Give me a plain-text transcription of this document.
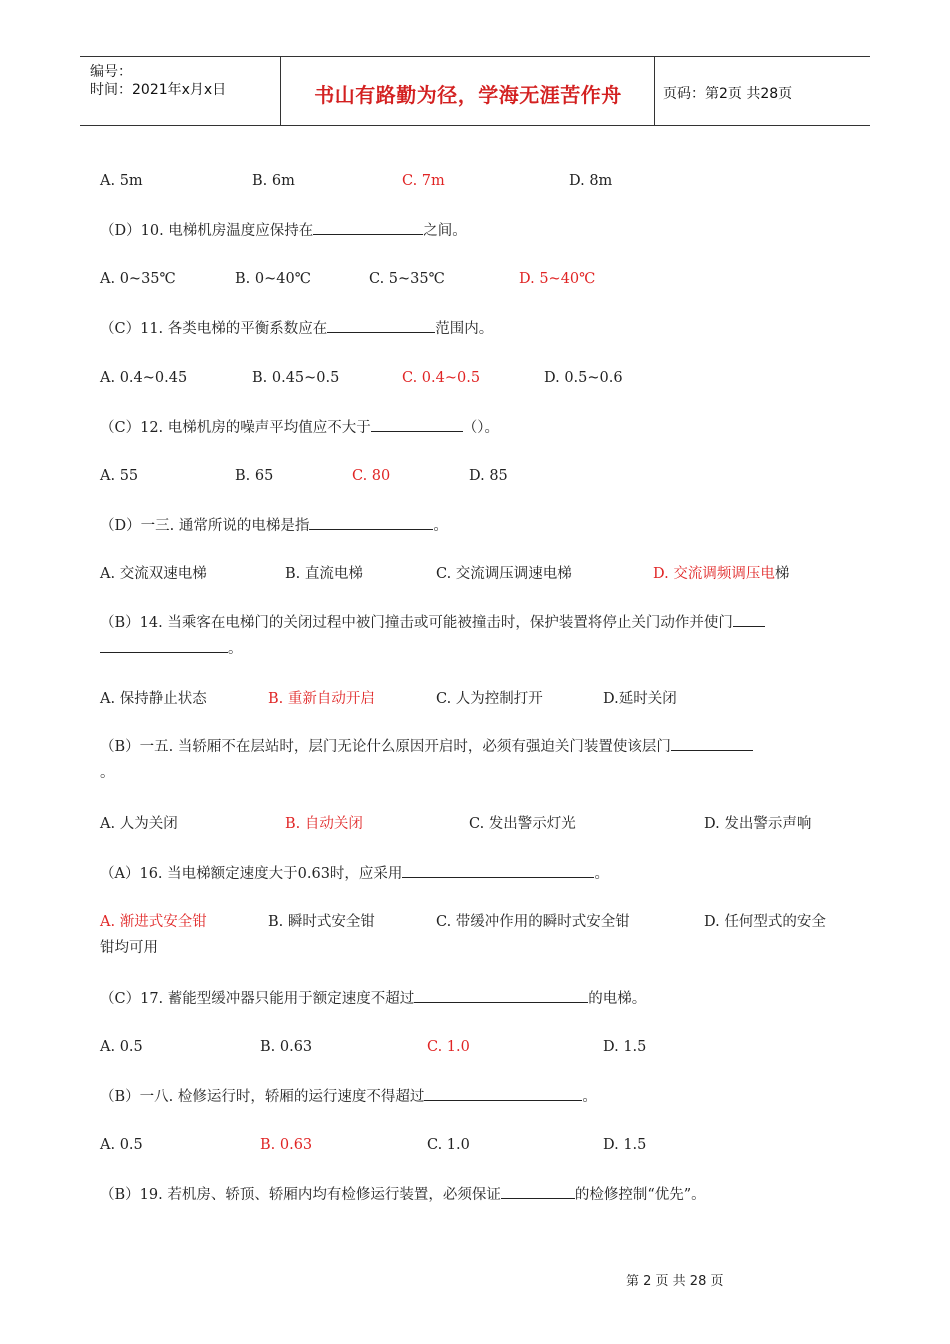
编号：
时间：2021年x月x日	书山有路勤为径，学海无涯苦作舟	页码：第2页 共28页
A. 5m	B. 6m	C. 7m	D. 8m
（D）10. 电梯机房温度应保持在	之间。
A. 0~35℃	B. 0~40℃	C. 5~35℃	D. 5~40℃
（C）11. 各类电梯的平衡系数应在	范围内。
A. 0.4~0.45	B. 0.45~0.5	C. 0.4~0.5	D. 0.5~0.6
（C）12. 电梯机房的噪声平均值应不大于	（）。
A. 55	B. 65	C. 80	D. 85
（D）一三. 通常所说的电梯是指	。
A. 交流双速电梯	B. 直流电梯	C. 交流调压调速电梯	D. 交流调频调压电梯
（B）14. 当乘客在电梯门的关闭过程中被门撞击或可能被撞击时，保护装置将停止关门动作并使门
。
A. 保持静止状态	B. 重新自动开启	C. 人为控制打开	D.延时关闭
（B）一五. 当轿厢不在层站时，层门无论什么原因开启时，必须有强迫关门装置使该层门
。
A. 人为关闭	B. 自动关闭	C. 发出警示灯光	D. 发出警示声响
（A）16. 当电梯额定速度大于0.63时，应采用	。
A. 渐进式安全钳	B. 瞬时式安全钳	C. 带缓冲作用的瞬时式安全钳	D. 任何型式的安全
钳均可用
（C）17. 蓄能型缓冲器只能用于额定速度不超过	的电梯。
A. 0.5	B. 0.63	C. 1.0	D. 1.5
（B）一八. 检修运行时，轿厢的运行速度不得超过	。
A. 0.5	B. 0.63	C. 1.0	D. 1.5
（B）19. 若机房、轿顶、轿厢内均有检修运行装置，必须保证	的检修控制“优先”。
第 2 页 共 28 页
